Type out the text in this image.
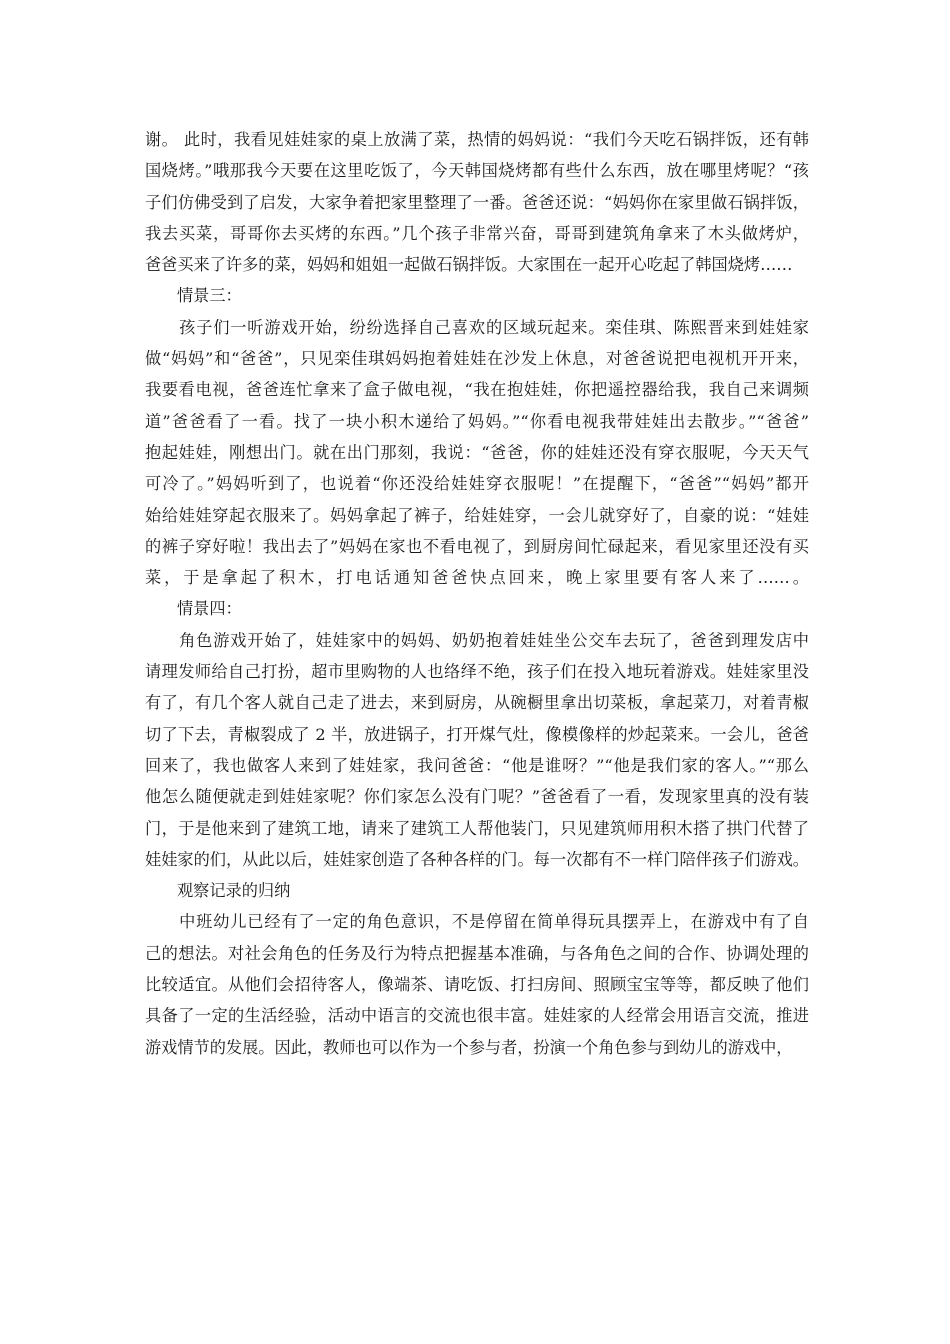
谢。 此时，我看见娃娃家的桌上放满了菜，热情的妈妈说：“我们今天吃石锅拌饭，还有韩
国烧烤。”哦那我今天要在这里吃饭了，今天韩国烧烤都有些什么东西，放在哪里烤呢？“孩
子们仿佛受到了启发，大家争着把家里整理了一番。爸爸还说：“妈妈你在家里做石锅拌饭，
我去买菜，哥哥你去买烤的东西。”几个孩子非常兴奋，哥哥到建筑角拿来了木头做烤炉，
爸爸买来了许多的菜，妈妈和姐姐一起做石锅拌饭。大家围在一起开心吃起了韩国烧烤……

情景三：

　　孩子们一听游戏开始，纷纷选择自己喜欢的区域玩起来。栾佳琪、陈熙晋来到娃娃家
做“妈妈”和“爸爸”，只见栾佳琪妈妈抱着娃娃在沙发上休息，对爸爸说把电视机开开来，
我要看电视，爸爸连忙拿来了盒子做电视，“我在抱娃娃，你把遥控器给我，我自己来调频
道”爸爸看了一看。找了一块小积木递给了妈妈。”“你看电视我带娃娃出去散步。”“爸爸”
抱起娃娃，刚想出门。就在出门那刻，我说：“爸爸，你的娃娃还没有穿衣服呢，今天天气
可冷了。”妈妈听到了，也说着“你还没给娃娃穿衣服呢！”在提醒下，“爸爸”“妈妈”都开
始给娃娃穿起衣服来了。妈妈拿起了裤子，给娃娃穿，一会儿就穿好了，自豪的说：“娃娃
的裤子穿好啦！我出去了”妈妈在家也不看电视了，到厨房间忙碌起来，看见家里还没有买
菜，于是拿起了积木，打电话通知爸爸快点回来，晚上家里要有客人来了……。

情景四：

　　角色游戏开始了，娃娃家中的妈妈、奶奶抱着娃娃坐公交车去玩了，爸爸到理发店中
请理发师给自己打扮，超市里购物的人也络绎不绝，孩子们在投入地玩着游戏。娃娃家里没
有了，有几个客人就自己走了进去，来到厨房，从碗橱里拿出切菜板，拿起菜刀，对着青椒
切了下去，青椒裂成了 2 半，放进锅子，打开煤气灶，像模像样的炒起菜来。一会儿，爸爸
回来了，我也做客人来到了娃娃家，我问爸爸：“他是谁呀？”“他是我们家的客人。”“那么
他怎么随便就走到娃娃家呢？你们家怎么没有门呢？”爸爸看了一看，发现家里真的没有装
门，于是他来到了建筑工地，请来了建筑工人帮他装门，只见建筑师用积木搭了拱门代替了
娃娃家的们，从此以后，娃娃家创造了各种各样的门。每一次都有不一样门陪伴孩子们游戏。

观察记录的归纳

　　中班幼儿已经有了一定的角色意识，不是停留在简单得玩具摆弄上，在游戏中有了自
己的想法。对社会角色的任务及行为特点把握基本准确，与各角色之间的合作、协调处理的
比较适宜。从他们会招待客人，像端茶、请吃饭、打扫房间、照顾宝宝等等，都反映了他们
具备了一定的生活经验，活动中语言的交流也很丰富。娃娃家的人经常会用语言交流，推进
游戏情节的发展。因此，教师也可以作为一个参与者，扮演一个角色参与到幼儿的游戏中，
